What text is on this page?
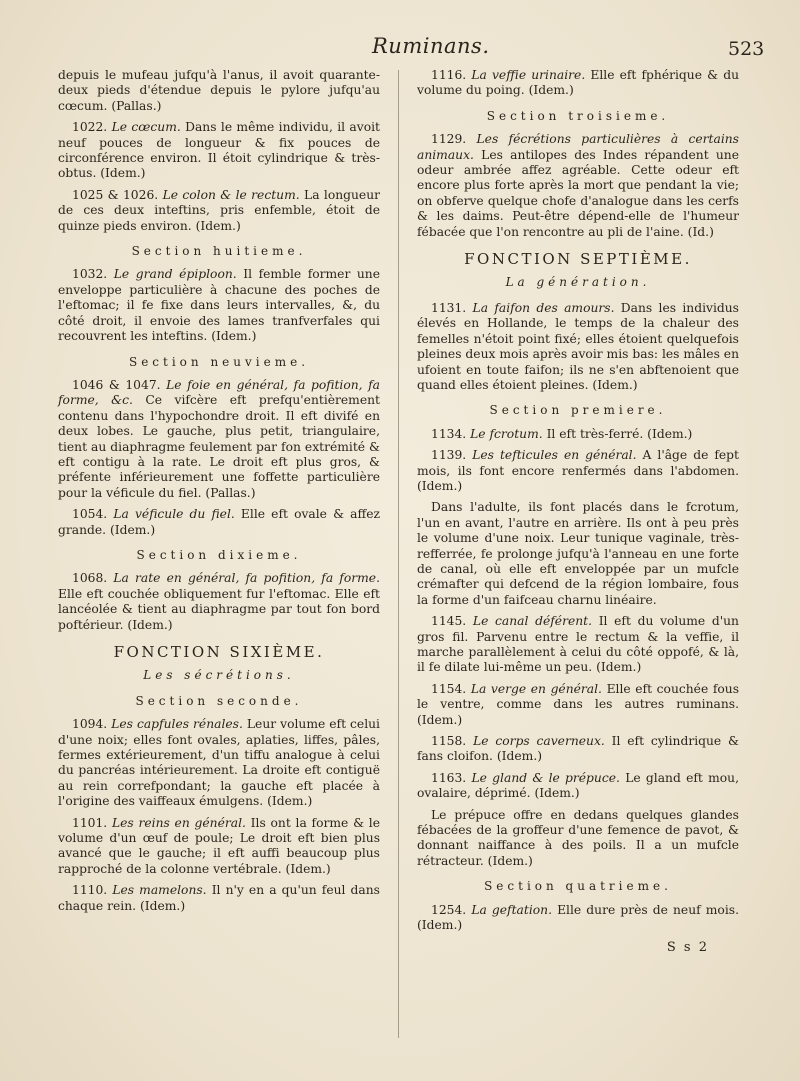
Ruminans.	523

depuis le mufeau jufqu'à l'anus, il avoit quarante-deux pieds d'étendue depuis le pylore jufqu'au cœcum. (Pallas.)

1022. Le cœcum. Dans le même individu, il avoit neuf pouces de longueur & fix pouces de circonférence environ. Il étoit cylindrique & très-obtus. (Idem.)

1025 & 1026. Le colon & le rectum. La longueur de ces deux inteftins, pris enfemble, étoit de quinze pieds environ. (Idem.)

Section huitieme.

1032. Le grand épiploon. Il femble former une enveloppe particulière à chacune des poches de l'eftomac; il fe fixe dans leurs intervalles, &, du côté droit, il envoie des lames tranfverfales qui recouvrent les inteftins. (Idem.)

Section neuvieme.

1046 & 1047. Le foie en général, fa pofition, fa forme, &c. Ce vifcère eft prefqu'entièrement contenu dans l'hypochondre droit. Il eft divifé en deux lobes. Le gauche, plus petit, triangulaire, tient au diaphragme feulement par fon extrémité & eft contigu à la rate. Le droit eft plus gros, & préfente inférieurement une foffette particulière pour la véficule du fiel. (Pallas.)

1054. La véficule du fiel. Elle eft ovale & affez grande. (Idem.)

Section dixieme.

1068. La rate en général, fa pofition, fa forme. Elle eft couchée obliquement fur l'eftomac. Elle eft lancéolée & tient au diaphragme par tout fon bord poftérieur. (Idem.)

FONCTION SIXIÈME.
Les sécrétions.
Section seconde.

1094. Les capfules rénales. Leur volume eft celui d'une noix; elles font ovales, aplaties, liffes, pâles, fermes extérieurement, d'un tiffu analogue à celui du pancréas intérieurement. La droite eft contiguë au rein correfpondant; la gauche eft placée à l'origine des vaiffeaux émulgens. (Idem.)

1101. Les reins en général. Ils ont la forme & le volume d'un œuf de poule; Le droit eft bien plus avancé que le gauche; il eft auffi beaucoup plus rapproché de la colonne vertébrale. (Idem.)

1110. Les mamelons. Il n'y en a qu'un feul dans chaque rein. (Idem.)

1116. La veffie urinaire. Elle eft fphérique & du volume du poing. (Idem.)

Section troisieme.

1129. Les fécrétions particulières à certains animaux. Les antilopes des Indes répandent une odeur ambrée affez agréable. Cette odeur eft encore plus forte après la mort que pendant la vie; on obferve quelque chofe d'analogue dans les cerfs & les daims. Peut-être dépend-elle de l'humeur fébacée que l'on rencontre au pli de l'aine. (Id.)

FONCTION SEPTIÈME.
La génération.

1131. La faifon des amours. Dans les individus élevés en Hollande, le temps de la chaleur des femelles n'étoit point fixé; elles étoient quelquefois pleines deux mois après avoir mis bas: les mâles en ufoient en toute faifon; ils ne s'en abftenoient que quand elles étoient pleines. (Idem.)

Section premiere.

1134. Le fcrotum. Il eft très-ferré. (Idem.)

1139. Les tefticules en général. A l'âge de fept mois, ils font encore renfermés dans l'abdomen. (Idem.)

Dans l'adulte, ils font placés dans le fcrotum, l'un en avant, l'autre en arrière. Ils ont à peu près le volume d'une noix. Leur tunique vaginale, très-refferrée, fe prolonge jufqu'à l'anneau en une forte de canal, où elle eft enveloppée par un mufcle crémafter qui defcend de la région lombaire, fous la forme d'un faifceau charnu linéaire.

1145. Le canal déférent. Il eft du volume d'un gros fil. Parvenu entre le rectum & la veffie, il marche parallèlement à celui du côté oppofé, & là, il fe dilate lui-même un peu. (Idem.)

1154. La verge en général. Elle eft couchée fous le ventre, comme dans les autres ruminans. (Idem.)

1158. Le corps caverneux. Il eft cylindrique & fans cloifon. (Idem.)

1163. Le gland & le prépuce. Le gland eft mou, ovalaire, déprimé. (Idem.)

Le prépuce offre en dedans quelques glandes fébacées de la groffeur d'une femence de pavot, & donnant naiffance à des poils. Il a un mufcle rétracteur. (Idem.)

Section quatrieme.

1254. La geftation. Elle dure près de neuf mois. (Idem.)

S s 2
